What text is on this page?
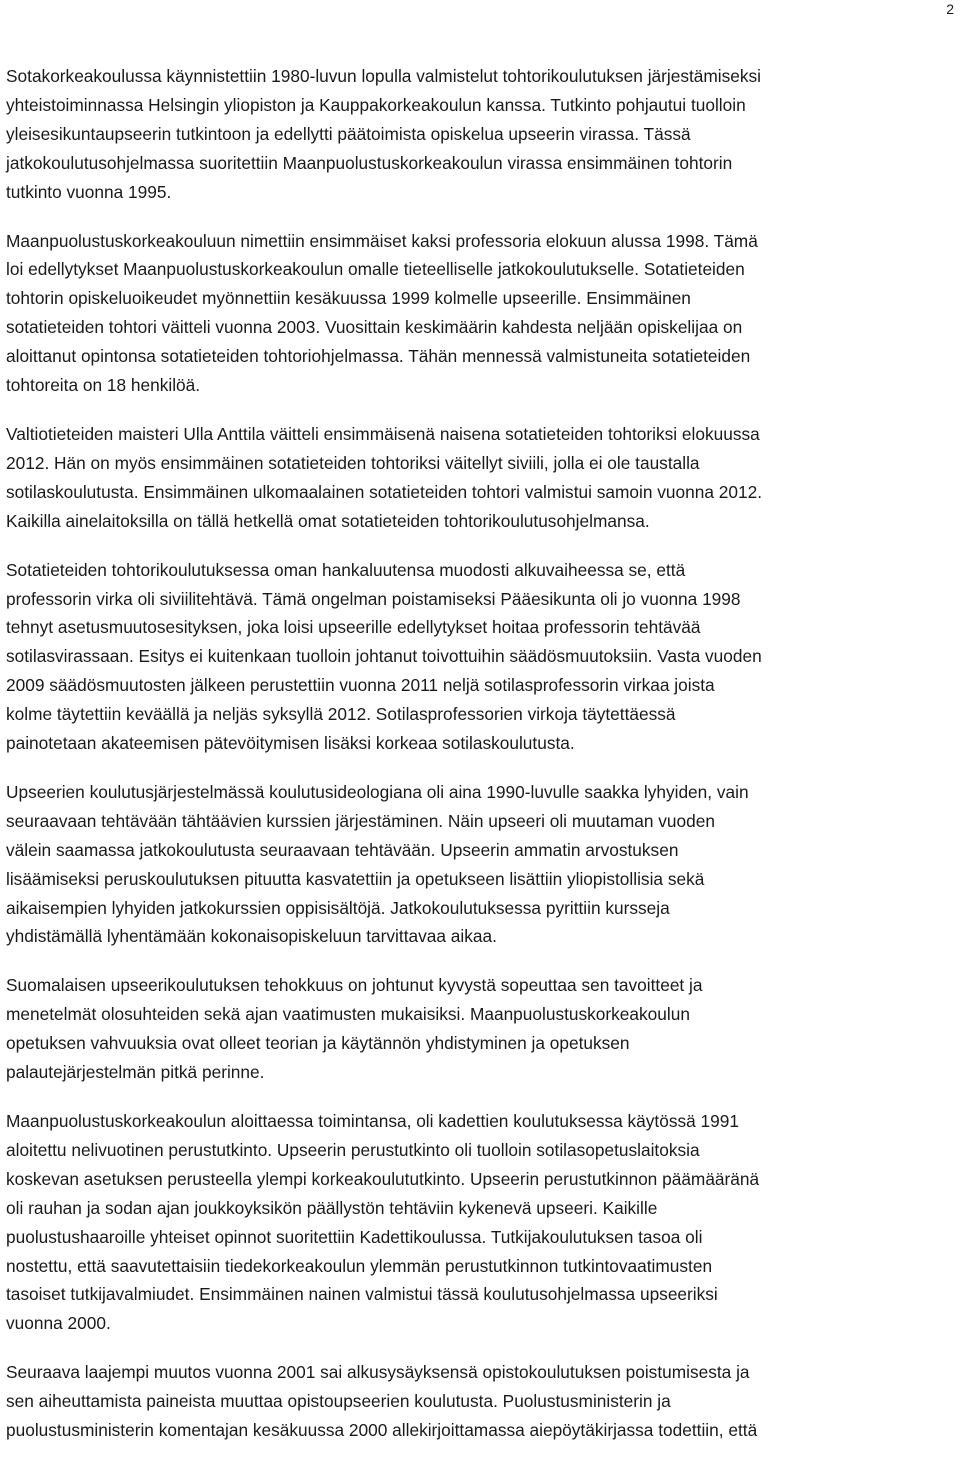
2

Sotakorkeakoulussa käynnistettiin 1980-luvun lopulla valmistelut tohtorikoulutuksen järjestämiseksi
yhteistoiminnassa Helsingin yliopiston ja Kauppakorkeakoulun kanssa. Tutkinto pohjautui tuolloin
yleisesikuntaupseerin tutkintoon ja edellytti päätoimista opiskelua upseerin virassa. Tässä
jatkokoulutusohjelmassa suoritettiin Maanpuolustuskorkeakoulun virassa ensimmäinen tohtorin
tutkinto vuonna 1995.

Maanpuolustuskorkeakouluun nimettiin ensimmäiset kaksi professoria elokuun alussa 1998. Tämä
loi edellytykset Maanpuolustuskorkeakoulun omalle tieteelliselle jatkokoulutukselle. Sotatieteiden
tohtorin opiskeluoikeudet myönnettiin kesäkuussa 1999 kolmelle upseerille. Ensimmäinen
sotatieteiden tohtori väitteli vuonna 2003. Vuosittain keskimäärin kahdesta neljään opiskelijaa on
aloittanut opintonsa sotatieteiden tohtoriohjelmassa. Tähän mennessä valmistuneita sotatieteiden
tohtoreita on 18 henkilöä.

Valtiotieteiden maisteri Ulla Anttila väitteli ensimmäisenä naisena sotatieteiden tohtoriksi elokuussa
2012. Hän on myös ensimmäinen sotatieteiden tohtoriksi väitellyt siviili, jolla ei ole taustalla
sotilaskoulutusta. Ensimmäinen ulkomaalainen sotatieteiden tohtori valmistui samoin vuonna 2012.
Kaikilla ainelaitoksilla on tällä hetkellä omat sotatieteiden tohtorikoulutusohjelmansa.

Sotatieteiden tohtorikoulutuksessa oman hankaluutensa muodosti alkuvaiheessa se, että
professorin virka oli siviilitehtävä. Tämä ongelman poistamiseksi Pääesikunta oli jo vuonna 1998
tehnyt asetusmuutosesityksen, joka loisi upseerille edellytykset hoitaa professorin tehtävää
sotilasvirassaan. Esitys ei kuitenkaan tuolloin johtanut toivottuihin säädösmuutoksiin. Vasta vuoden
2009 säädösmuutosten jälkeen perustettiin vuonna 2011 neljä sotilasprofessorin virkaa joista
kolme täytettiin keväällä ja neljäs syksyllä 2012. Sotilasprofessorien virkoja täytettäessä
painotetaan akateemisen pätevöitymisen lisäksi korkeaa sotilaskoulutusta.

Upseerien koulutusjärjestelmässä koulutusideologiana oli aina 1990-luvulle saakka lyhyiden, vain
seuraavaan tehtävään tähtäävien kurssien järjestäminen. Näin upseeri oli muutaman vuoden
välein saamassa jatkokoulutusta seuraavaan tehtävään. Upseerin ammatin arvostuksen
lisäämiseksi peruskoulutuksen pituutta kasvatettiin ja opetukseen lisättiin yliopistollisia sekä
aikaisempien lyhyiden jatkokurssien oppisisältöjä. Jatkokoulutuksessa pyrittiin kursseja
yhdistämällä lyhentämään kokonaisopiskeluun tarvittavaa aikaa.

Suomalaisen upseerikoulutuksen tehokkuus on johtunut kyvystä sopeuttaa sen tavoitteet ja
menetelmät olosuhteiden sekä ajan vaatimusten mukaisiksi. Maanpuolustuskorkeakoulun
opetuksen vahvuuksia ovat olleet teorian ja käytännön yhdistyminen ja opetuksen
palautejärjestelmän pitkä perinne.

Maanpuolustuskorkeakoulun aloittaessa toimintansa, oli kadettien koulutuksessa käytössä 1991
aloitettu nelivuotinen perustutkinto. Upseerin perustutkinto oli tuolloin sotilasopetuslaitoksia
koskevan asetuksen perusteella ylempi korkeakoulututkinto. Upseerin perustutkinnon päämääränä
oli rauhan ja sodan ajan joukkoyksikön päällystön tehtäviin kykenevä upseeri. Kaikille
puolustushaaroille yhteiset opinnot suoritettiin Kadettikoulussa. Tutkijakoulutuksen tasoa oli
nostettu, että saavutettaisiin tiedekorkeakoulun ylemmän perustutkinnon tutkintovaatimusten
tasoiset tutkijavalmiudet. Ensimmäinen nainen valmistui tässä koulutusohjelmassa upseeriksi
vuonna 2000.

Seuraava laajempi muutos vuonna 2001 sai alkusysäyksensä opistokoulutuksen poistumisesta ja
sen aiheuttamista paineista muuttaa opistoupseerien koulutusta. Puolustusministerin ja
puolustusministerin komentajan kesäkuussa 2000 allekirjoittamassa aiepöytäkirjassa todettiin, että
